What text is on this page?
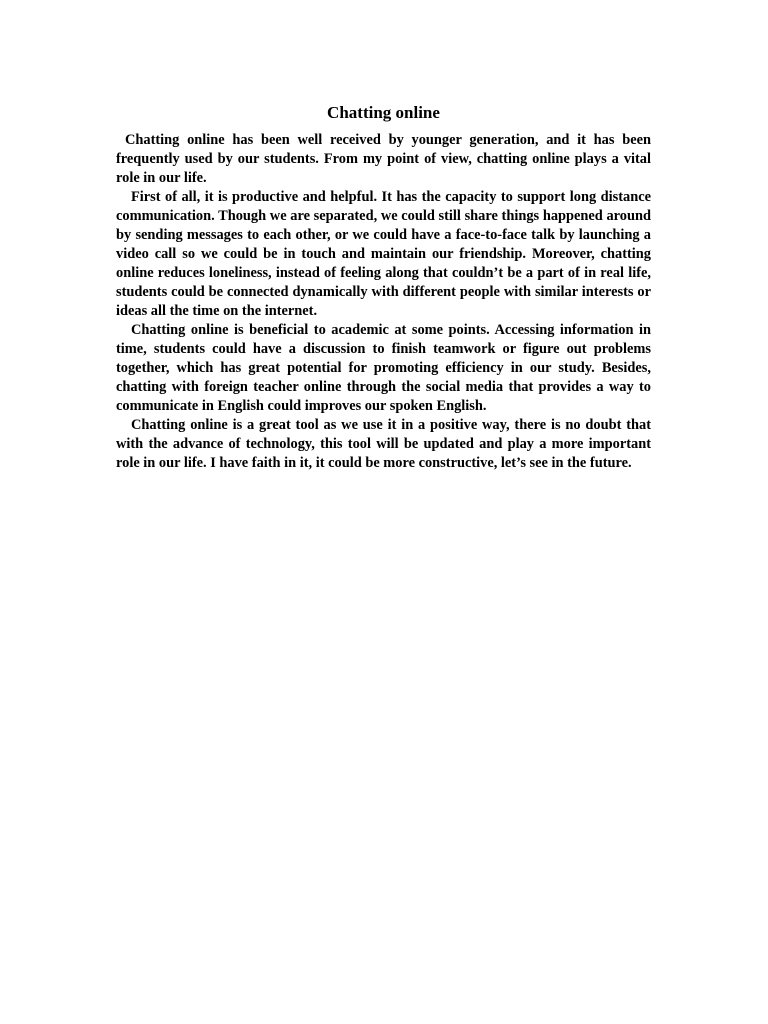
Chatting online

Chatting online has been well received by younger generation, and it has been frequently used by our students. From my point of view, chatting online plays a vital role in our life.

First of all, it is productive and helpful. It has the capacity to support long distance communication. Though we are separated, we could still share things happened around by sending messages to each other, or we could have a face-to-face talk by launching a video call so we could be in touch and maintain our friendship. Moreover, chatting online reduces loneliness, instead of feeling along that couldn’t be a part of in real life, students could be connected dynamically with different people with similar interests or ideas all the time on the internet.

Chatting online is beneficial to academic at some points. Accessing information in time, students could have a discussion to finish teamwork or figure out problems together, which has great potential for promoting efficiency in our study. Besides, chatting with foreign teacher online through the social media that provides a way to communicate in English could improves our spoken English.

Chatting online is a great tool as we use it in a positive way, there is no doubt that with the advance of technology, this tool will be updated and play a more important role in our life. I have faith in it, it could be more constructive, let’s see in the future.
